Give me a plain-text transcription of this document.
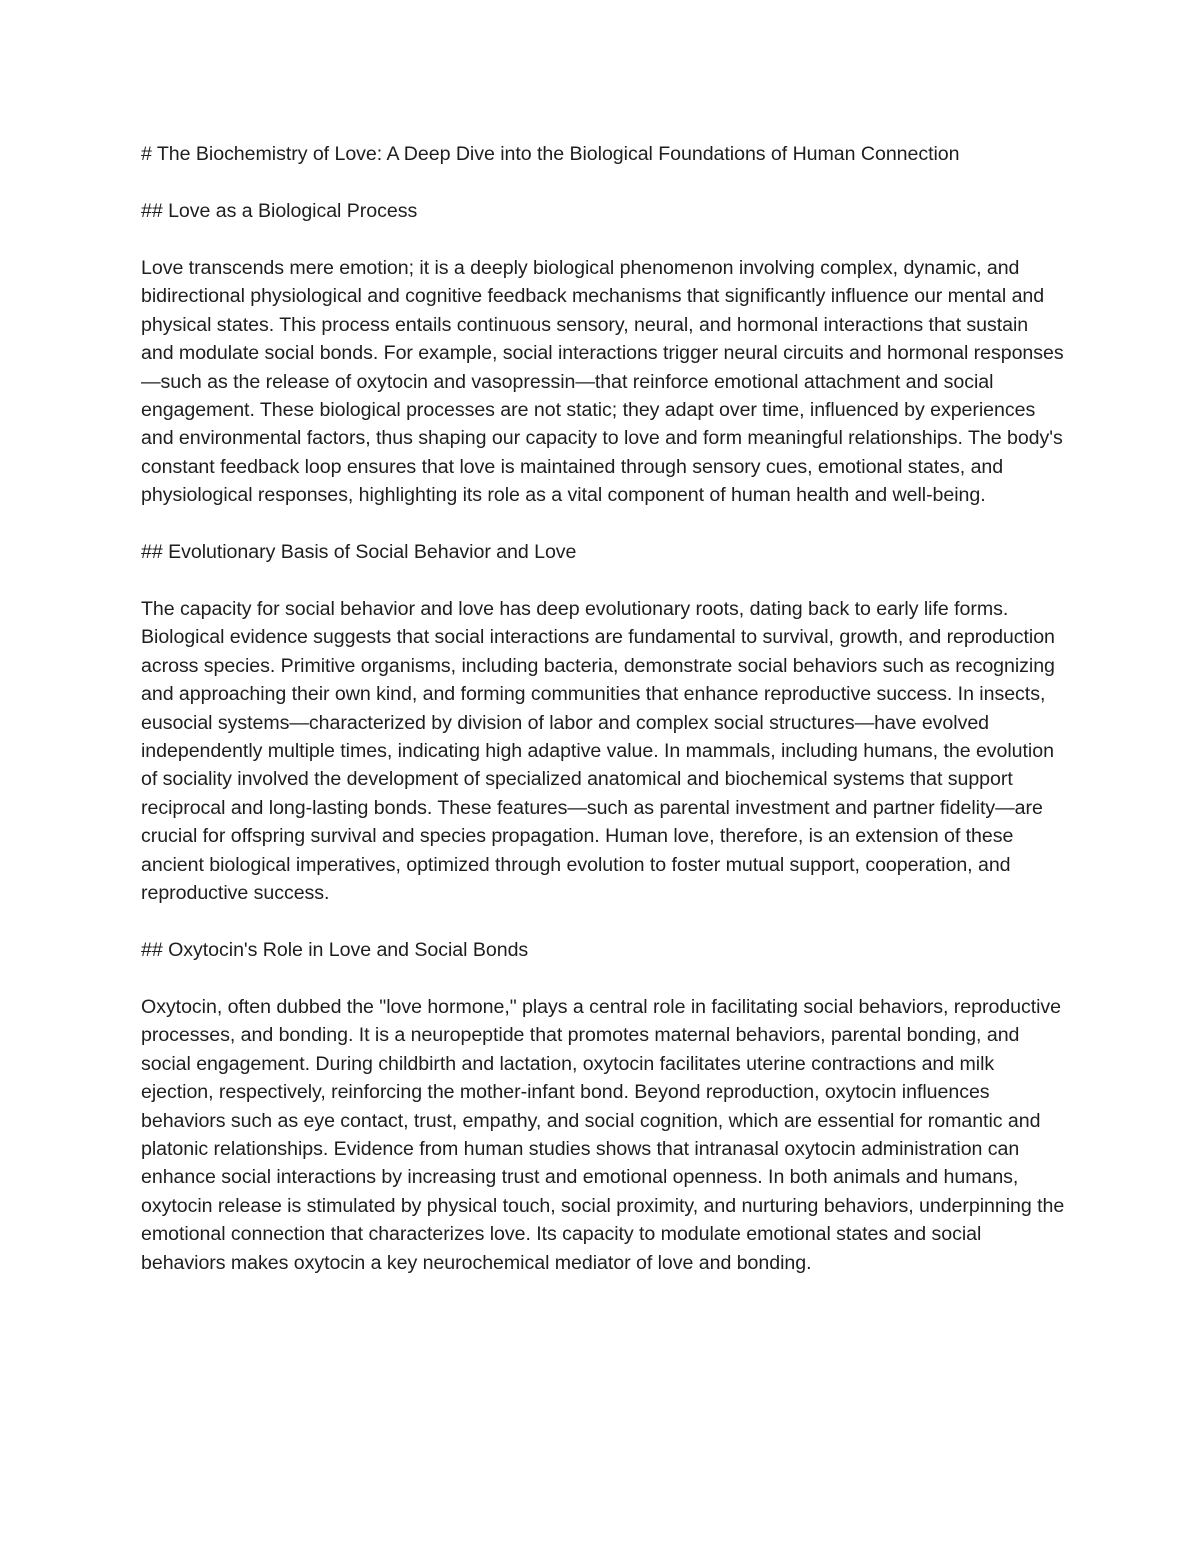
# The Biochemistry of Love: A Deep Dive into the Biological Foundations of Human Connection
## Love as a Biological Process
Love transcends mere emotion; it is a deeply biological phenomenon involving complex, dynamic, and bidirectional physiological and cognitive feedback mechanisms that significantly influence our mental and physical states. This process entails continuous sensory, neural, and hormonal interactions that sustain and modulate social bonds. For example, social interactions trigger neural circuits and hormonal responses—such as the release of oxytocin and vasopressin—that reinforce emotional attachment and social engagement. These biological processes are not static; they adapt over time, influenced by experiences and environmental factors, thus shaping our capacity to love and form meaningful relationships. The body's constant feedback loop ensures that love is maintained through sensory cues, emotional states, and physiological responses, highlighting its role as a vital component of human health and well-being.
## Evolutionary Basis of Social Behavior and Love
The capacity for social behavior and love has deep evolutionary roots, dating back to early life forms. Biological evidence suggests that social interactions are fundamental to survival, growth, and reproduction across species. Primitive organisms, including bacteria, demonstrate social behaviors such as recognizing and approaching their own kind, and forming communities that enhance reproductive success. In insects, eusocial systems—characterized by division of labor and complex social structures—have evolved independently multiple times, indicating high adaptive value. In mammals, including humans, the evolution of sociality involved the development of specialized anatomical and biochemical systems that support reciprocal and long-lasting bonds. These features—such as parental investment and partner fidelity—are crucial for offspring survival and species propagation. Human love, therefore, is an extension of these ancient biological imperatives, optimized through evolution to foster mutual support, cooperation, and reproductive success.
## Oxytocin's Role in Love and Social Bonds
Oxytocin, often dubbed the "love hormone," plays a central role in facilitating social behaviors, reproductive processes, and bonding. It is a neuropeptide that promotes maternal behaviors, parental bonding, and social engagement. During childbirth and lactation, oxytocin facilitates uterine contractions and milk ejection, respectively, reinforcing the mother-infant bond. Beyond reproduction, oxytocin influences behaviors such as eye contact, trust, empathy, and social cognition, which are essential for romantic and platonic relationships. Evidence from human studies shows that intranasal oxytocin administration can enhance social interactions by increasing trust and emotional openness. In both animals and humans, oxytocin release is stimulated by physical touch, social proximity, and nurturing behaviors, underpinning the emotional connection that characterizes love. Its capacity to modulate emotional states and social behaviors makes oxytocin a key neurochemical mediator of love and bonding.
